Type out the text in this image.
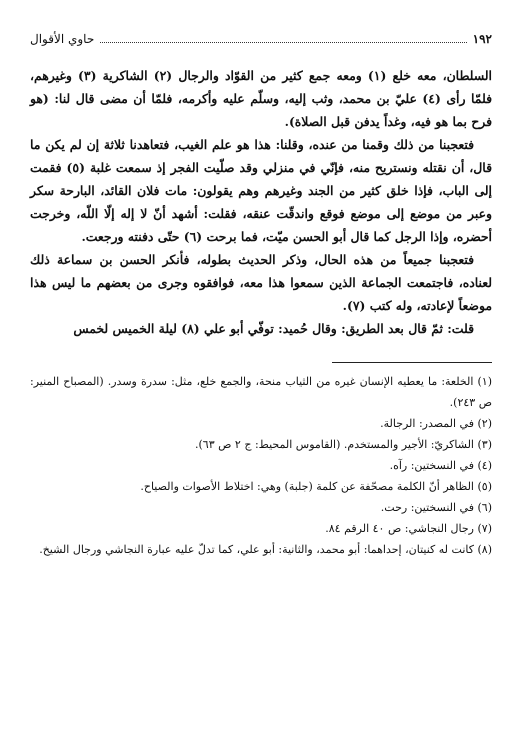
١٩٢
حاوي الأقوال

السلطان، معه خلع (١) ومعه جمع كثير من القوّاد والرجال (٢) الشاكرية (٣) وغيرهم، فلمّا رأى (٤) عليّ بن محمد، وثب إليه، وسلّم عليه وأكرمه، فلمّا أن مضى قال لنا: (هو فرح بما هو فيه، وغداً يدفن قبل الصلاة).

فتعجبنا من ذلك وقمنا من عنده، وقلنا: هذا هو علم الغيب، فتعاهدنا ثلاثة إن لم يكن ما قال، أن نقتله ونستريح منه، فإنّي في منزلي وقد صلّيت الفجر إذ سمعت غلبة (٥) فقمت إلى الباب، فإذا خلق كثير من الجند وغيرهم وهم يقولون: مات فلان القائد، البارحة سكر وعبر من موضع إلى موضع فوقع واندقّت عنقه، فقلت: أشهد أنّ لا إله إلّا اللّه، وخرجت أحضره، وإذا الرجل كما قال أبو الحسن ميّت، فما برحت (٦) حتّى دفنته ورجعت.

فتعجبنا جميعاً من هذه الحال، وذكر الحديث بطوله، فأنكر الحسن بن سماعة ذلك لعناده، فاجتمعت الجماعة الذين سمعوا هذا معه، فوافقوه وجرى من بعضهم ما ليس هذا موضعاً لإعادته، وله كتب (٧).

قلت: ثمّ قال بعد الطريق: وقال حُميد: توفّي أبو علي (٨) ليلة الخميس لخمس

(١) الخلعة: ما يعطيه الإنسان غيره من الثياب منحة، والجمع خلع، مثل: سدرة وسدر. (المصباح المنير: ص ٢٤٣).

(٢) في المصدر: الرجالة.

(٣) الشاكريّ: الأجير والمستخدم. (القاموس المحيط: ج ٢ ص ٦٣).

(٤) في النسختين: رآه.

(٥) الظاهر أنّ الكلمة مصحّفة عن كلمة (جلبة) وهي: اختلاط الأصوات والصياح.

(٦) في النسختين: رحت.

(٧) رجال النجاشي: ص ٤٠ الرقم ٨٤.

(٨) كانت له كنيتان، إحداهما: أبو محمد، والثانية: أبو علي، كما تدلّ عليه عبارة النجاشي ورجال الشيخ.
